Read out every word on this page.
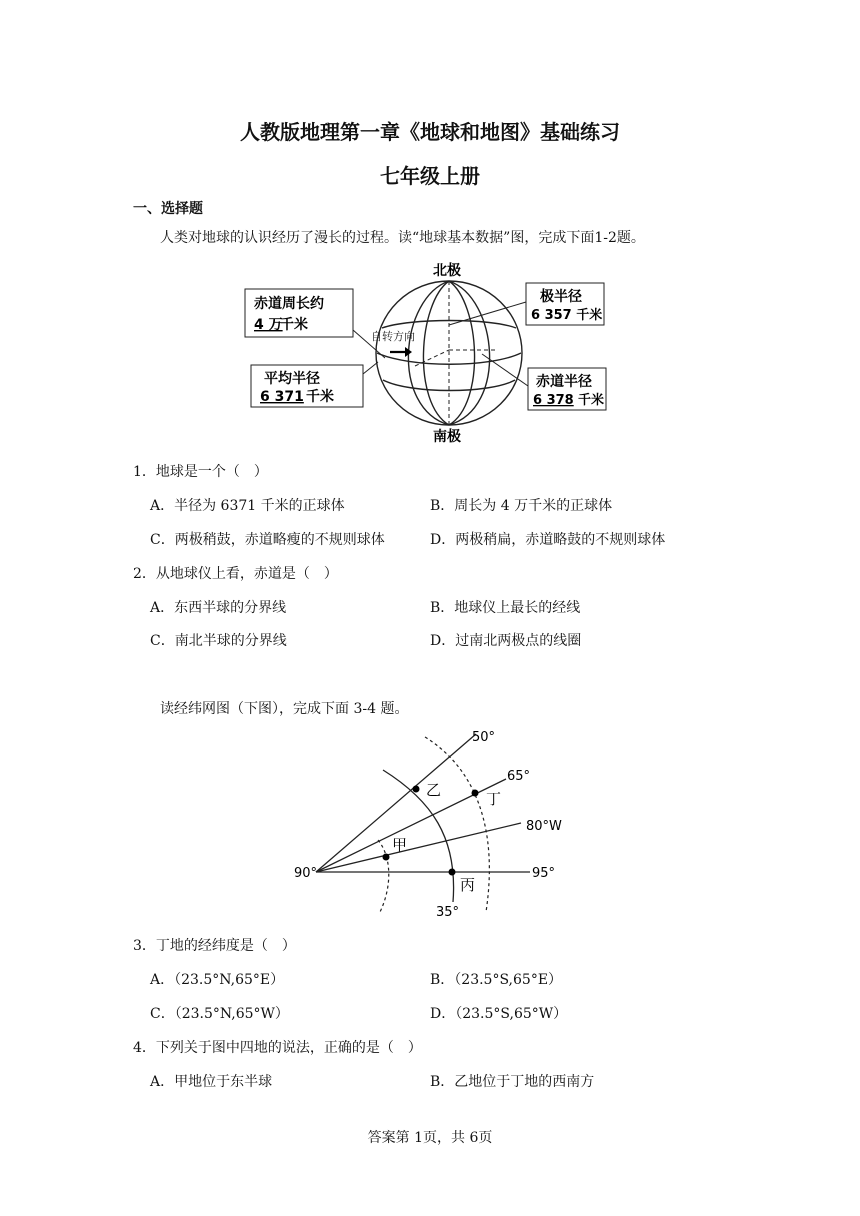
人教版地理第一章《地球和地图》基础练习
七年级上册
一、选择题
人类对地球的认识经历了漫长的过程。读“地球基本数据”图，完成下面1-2题。
自转方向
北极
南极
赤道周长约
4 万
千米
平均半径
6 371 千米
极半径
6 357 千米
赤道半径
6 378 千米
1．地球是一个（　）
A．半径为 6371 千米的正球体	B．周长为 4 万千米的正球体
C．两极稍鼓，赤道略瘦的不规则球体	D．两极稍扁，赤道略鼓的不规则球体
2．从地球仪上看，赤道是（　）
A．东西半球的分界线	B．地球仪上最长的经线
C．南北半球的分界线	D．过南北两极点的线圈
读经纬网图（下图），完成下面 3-4 题。
50°
65°
80°W
95°
90°
35°
甲
乙
丙
丁
3．丁地的经纬度是（　）
A．（23.5°N,65°E）	B．（23.5°S,65°E）
C．（23.5°N,65°W）	D．（23.5°S,65°W）
4．下列关于图中四地的说法，正确的是（　）
A．甲地位于东半球	B．乙地位于丁地的西南方
答案第 1页，共 6页
